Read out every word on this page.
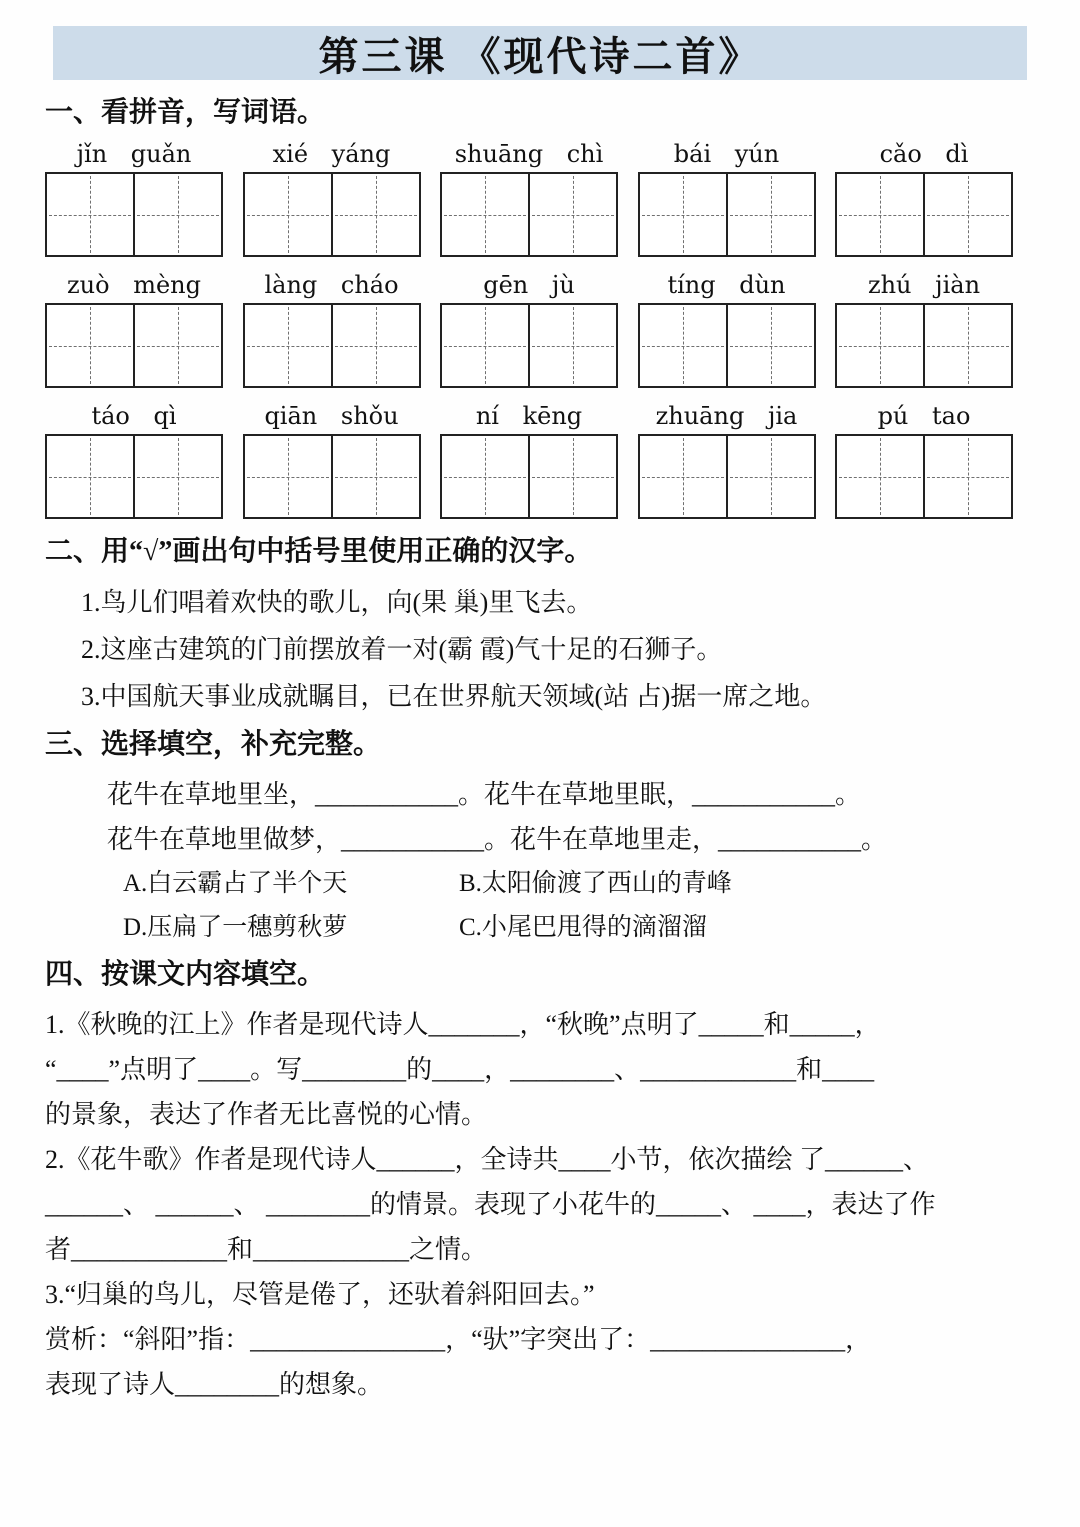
第三课 《现代诗二首》
一、看拼音，写词语。
jǐn guǎn	xié yáng	shuāng chì	bái yún	cǎo dì
zuò mèng	làng cháo	gēn jù	tíng dùn	zhú jiàn
táo qì	qiān shǒu	ní kēng	zhuāng jia	pú tao
二、用“√”画出句中括号里使用正确的汉字。
1.鸟儿们唱着欢快的歌儿，向(果 巢)里飞去。
2.这座古建筑的门前摆放着一对(霸 霞)气十足的石狮子。
3.中国航天事业成就瞩目，已在世界航天领域(站 占)据一席之地。
三、选择填空，补充完整。
花牛在草地里坐，___________。花牛在草地里眠，___________。
花牛在草地里做梦，___________。花牛在草地里走，___________。
A.白云霸占了半个天	B.太阳偷渡了西山的青峰
D.压扁了一穗剪秋萝	C.小尾巴甩得的滴溜溜
四、按课文内容填空。
1.《秋晚的江上》作者是现代诗人_______，“秋晚”点明了_____和_____，
“____”点明了____。写________的____，________、____________和____
的景象，表达了作者无比喜悦的心情。
2.《花牛歌》作者是现代诗人______，全诗共____小节，依次描绘 了______、
______、 ______、 ________的情景。表现了小花牛的_____、 ____，表达了作
者____________和____________之情。
3.“归巢的鸟儿，尽管是倦了，还驮着斜阳回去。”
赏析：“斜阳”指：_______________，“驮”字突出了：_______________，
表现了诗人________的想象。
